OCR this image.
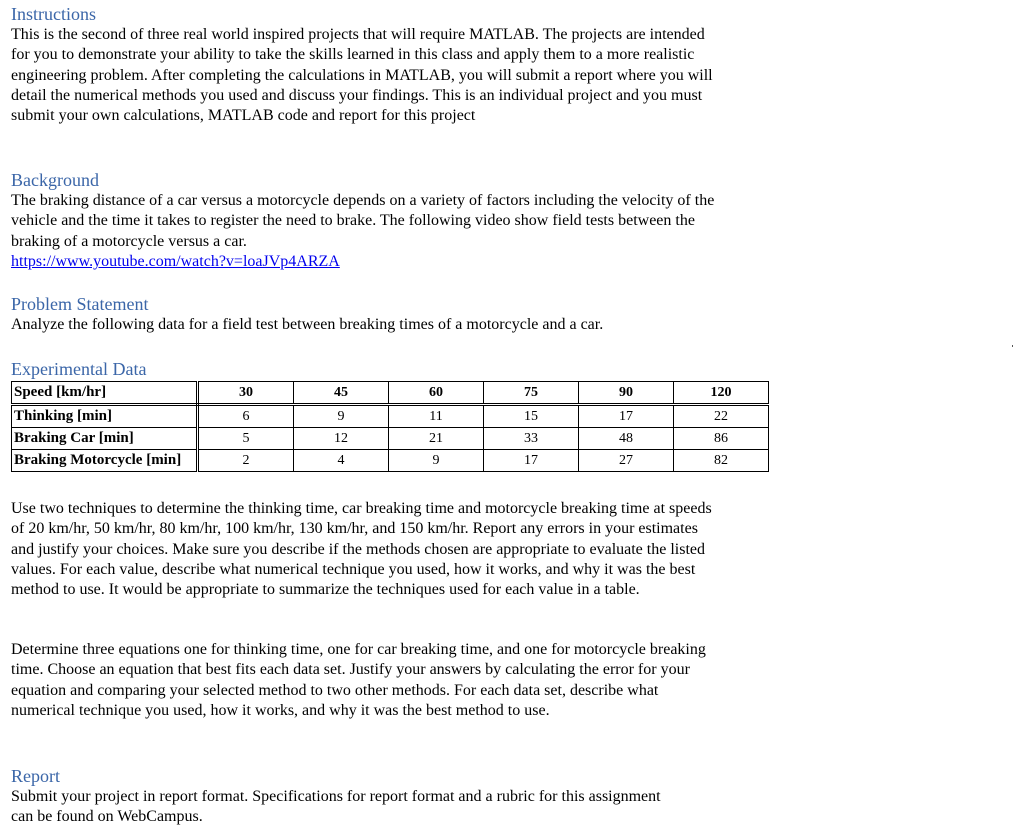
Instructions

This is the second of three real world inspired projects that will require MATLAB. The projects are intended for you to demonstrate your ability to take the skills learned in this class and apply them to a more realistic engineering problem. After completing the calculations in MATLAB, you will submit a report where you will detail the numerical methods you used and discuss your findings. This is an individual project and you must submit your own calculations, MATLAB code and report for this project

Background

The braking distance of a car versus a motorcycle depends on a variety of factors including the velocity of the vehicle and the time it takes to register the need to brake. The following video show field tests between the braking of a motorcycle versus a car.

https://www.youtube.com/watch?v=loaJVp4ARZA
Problem Statement

Analyze the following data for a field test between breaking times of a motorcycle and a car.

Experimental Data
Speed [km/hr]	30	45	60	75	90	120
Thinking [min]	6	9	11	15	17	22
Braking Car [min]	5	12	21	33	48	86
Braking Motorcycle [min]	2	4	9	17	27	82

Use two techniques to determine the thinking time, car breaking time and motorcycle breaking time at speeds of 20 km/hr, 50 km/hr, 80 km/hr, 100 km/hr, 130 km/hr, and 150 km/hr. Report any errors in your estimates and justify your choices. Make sure you describe if the methods chosen are appropriate to evaluate the listed values. For each value, describe what numerical technique you used, how it works, and why it was the best method to use. It would be appropriate to summarize the techniques used for each value in a table.

Determine three equations one for thinking time, one for car breaking time, and one for motorcycle breaking time. Choose an equation that best fits each data set. Justify your answers by calculating the error for your equation and comparing your selected method to two other methods. For each data set, describe what numerical technique you used, how it works, and why it was the best method to use.

Report

Submit your project in report format. Specifications for report format and a rubric for this assignment can be found on WebCampus.
